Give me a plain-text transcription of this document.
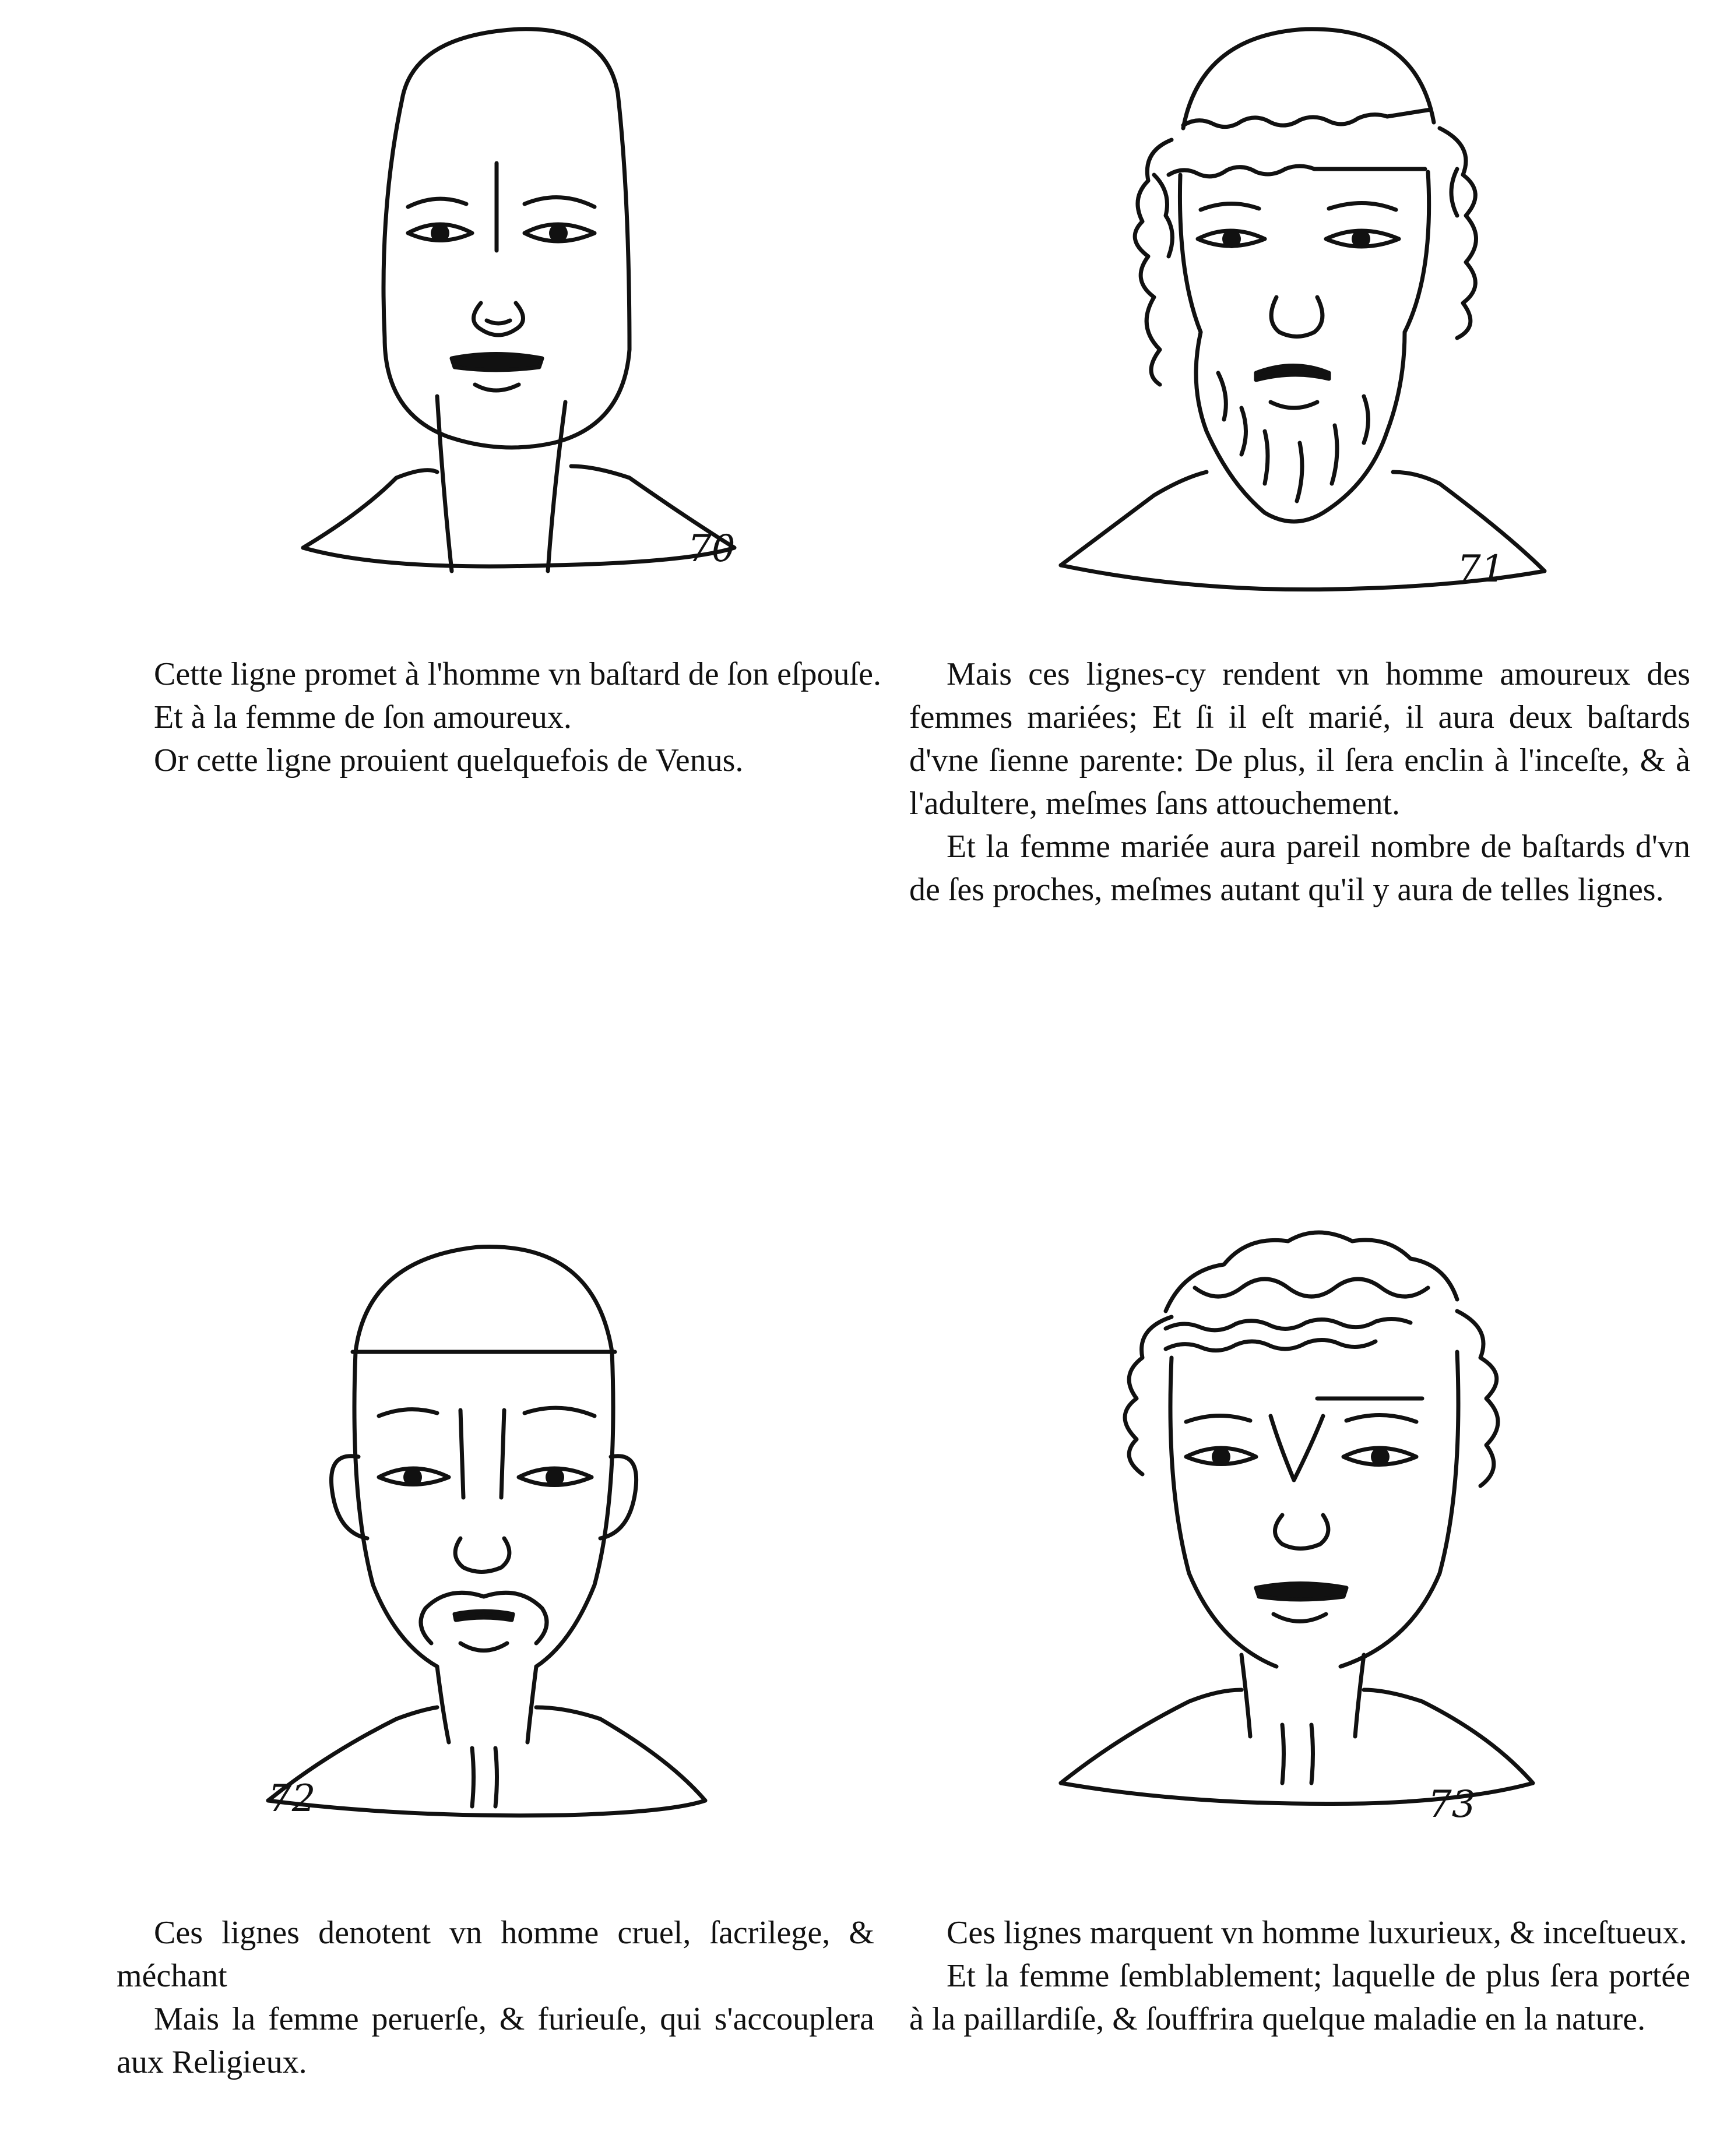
70	71

Cette ligne promet à l'homme vn baſtard de ſon eſpouſe.

Et à la femme de ſon amoureux.

Or cette ligne prouient quelquefois de Venus.

Mais ces lignes-cy rendent vn homme amoureux des femmes mariées; Et ſi il eſt marié, il aura deux baſtards d'vne ſienne parente: De plus, il ſera enclin à l'inceſte, & à l'adultere, meſmes ſans attouchement.

Et la femme mariée aura pareil nombre de baſtards d'vn de ſes proches, meſmes autant qu'il y aura de telles lignes.

72	73

Ces lignes denotent vn homme cruel, ſacrilege, & méchant

Mais la femme peruerſe, & furieuſe, qui s'accouplera aux Religieux.

Ces lignes marquent vn homme luxurieux, & inceſtueux.

Et la femme ſemblablement; laquelle de plus ſera portée à la paillardiſe, & ſouffrira quelque maladie en la nature.
